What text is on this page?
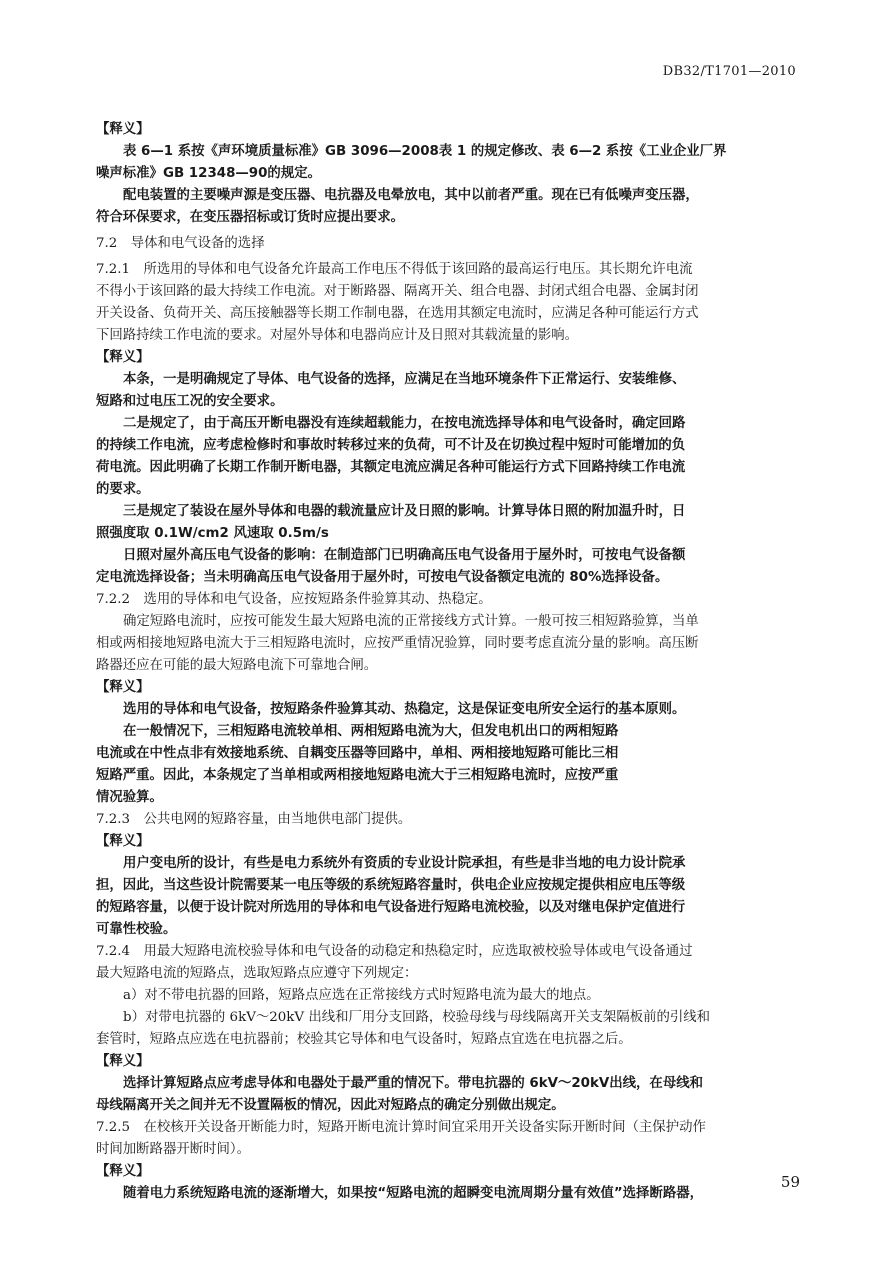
DB32/T1701—2010
【释义】
表 6—1 系按《声环境质量标准》GB 3096—2008表 1 的规定修改、表 6—2 系按《工业企业厂界
噪声标准》GB 12348—90的规定。
配电装置的主要噪声源是变压器、电抗器及电晕放电，其中以前者严重。现在已有低噪声变压器，
符合环保要求，在变压器招标或订货时应提出要求。
7.2　导体和电气设备的选择
7.2.1　所选用的导体和电气设备允许最高工作电压不得低于该回路的最高运行电压。其长期允许电流
不得小于该回路的最大持续工作电流。对于断路器、隔离开关、组合电器、封闭式组合电器、金属封闭
开关设备、负荷开关、高压接触器等长期工作制电器，在选用其额定电流时，应满足各种可能运行方式
下回路持续工作电流的要求。对屋外导体和电器尚应计及日照对其载流量的影响。
【释义】
本条，一是明确规定了导体、电气设备的选择，应满足在当地环境条件下正常运行、安装维修、
短路和过电压工况的安全要求。
二是规定了，由于高压开断电器没有连续超载能力，在按电流选择导体和电气设备时，确定回路
的持续工作电流，应考虑检修时和事故时转移过来的负荷，可不计及在切换过程中短时可能增加的负
荷电流。因此明确了长期工作制开断电器，其额定电流应满足各种可能运行方式下回路持续工作电流
的要求。
三是规定了装设在屋外导体和电器的载流量应计及日照的影响。计算导体日照的附加温升时，日
照强度取 0.1W/cm2 风速取 0.5m/s
日照对屋外高压电气设备的影响：在制造部门已明确高压电气设备用于屋外时，可按电气设备额
定电流选择设备；当未明确高压电气设备用于屋外时，可按电气设备额定电流的 80%选择设备。
7.2.2　选用的导体和电气设备，应按短路条件验算其动、热稳定。
确定短路电流时，应按可能发生最大短路电流的正常接线方式计算。一般可按三相短路验算，当单
相或两相接地短路电流大于三相短路电流时，应按严重情况验算，同时要考虑直流分量的影响。高压断
路器还应在可能的最大短路电流下可靠地合闸。
【释义】
选用的导体和电气设备，按短路条件验算其动、热稳定，这是保证变电所安全运行的基本原则。
在一般情况下，三相短路电流较单相、两相短路电流为大，但发电机出口的两相短路
电流或在中性点非有效接地系统、自耦变压器等回路中，单相、两相接地短路可能比三相
短路严重。因此，本条规定了当单相或两相接地短路电流大于三相短路电流时，应按严重
情况验算。
7.2.3　公共电网的短路容量，由当地供电部门提供。
【释义】
用户变电所的设计，有些是电力系统外有资质的专业设计院承担，有些是非当地的电力设计院承
担，因此，当这些设计院需要某一电压等级的系统短路容量时，供电企业应按规定提供相应电压等级
的短路容量，以便于设计院对所选用的导体和电气设备进行短路电流校验，以及对继电保护定值进行
可靠性校验。
7.2.4　用最大短路电流校验导体和电气设备的动稳定和热稳定时，应选取被校验导体或电气设备通过
最大短路电流的短路点，选取短路点应遵守下列规定：
a）对不带电抗器的回路，短路点应选在正常接线方式时短路电流为最大的地点。
b）对带电抗器的 6kV～20kV 出线和厂用分支回路，校验母线与母线隔离开关支架隔板前的引线和
套管时，短路点应选在电抗器前；校验其它导体和电气设备时，短路点宜选在电抗器之后。
【释义】
选择计算短路点应考虑导体和电器处于最严重的情况下。带电抗器的 6kV～20kV出线，在母线和
母线隔离开关之间并无不设置隔板的情况，因此对短路点的确定分别做出规定。
7.2.5　在校核开关设备开断能力时，短路开断电流计算时间宜采用开关设备实际开断时间（主保护动作
时间加断路器开断时间）。
【释义】
随着电力系统短路电流的逐渐增大，如果按“短路电流的超瞬变电流周期分量有效值”选择断路器，
59
